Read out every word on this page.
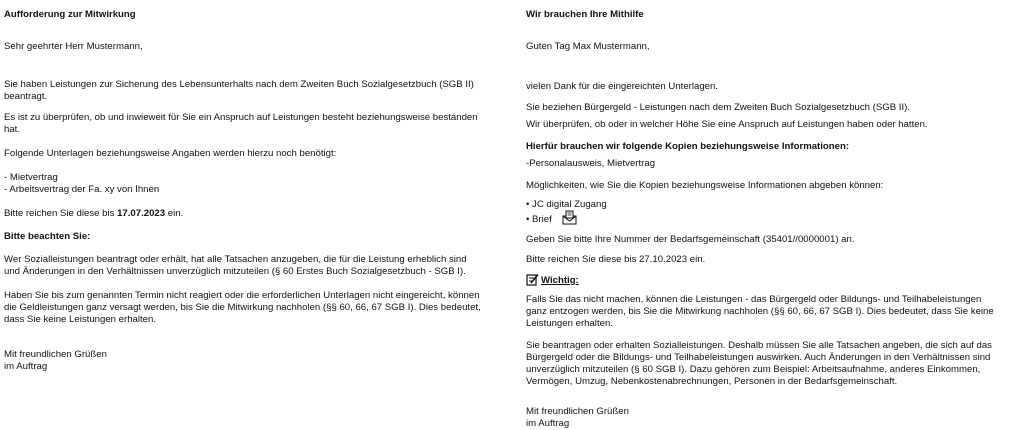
Aufforderung zur Mitwirkung

Sehr geehrter Herr Mustermann,

Sie haben Leistungen zur Sicherung des Lebensunterhalts nach dem Zweiten Buch Sozialgesetzbuch (SGB II)

beantragt.

Es ist zu überprüfen, ob und inwieweit für Sie ein Anspruch auf Leistungen besteht beziehungsweise bestanden

hat.

Folgende Unterlagen beziehungsweise Angaben werden hierzu noch benötigt:

- Mietvertrag

- Arbeitsvertrag der Fa. xy von Ihnen

Bitte reichen Sie diese bis 17.07.2023 ein.

Bitte beachten Sie:

Wer Sozialleistungen beantragt oder erhält, hat alle Tatsachen anzugeben, die für die Leistung erheblich sind

und Änderungen in den Verhältnissen unverzüglich mitzuteilen (§ 60 Erstes Buch Sozialgesetzbuch - SGB I).

Haben Sie bis zum genannten Termin nicht reagiert oder die erforderlichen Unterlagen nicht eingereicht, können

die Geldleistungen ganz versagt werden, bis Sie die Mitwirkung nachholen (§§ 60, 66, 67 SGB I). Dies bedeutet,

dass Sie keine Leistungen erhalten.

Mit freundlichen Grüßen

im Auftrag

Wir brauchen Ihre Mithilfe

Guten Tag Max Mustermann,

vielen Dank für die eingereichten Unterlagen.

Sie beziehen Bürgergeld - Leistungen nach dem Zweiten Buch Sozialgesetzbuch (SGB II).

Wir überprüfen, ob oder in welcher Höhe Sie eine Anspruch auf Leistungen haben oder hatten.

Hierfür brauchen wir folgende Kopien beziehungsweise Informationen:

-Personalausweis, Mietvertrag

Möglichkeiten, wie Sie die Kopien beziehungsweise Informationen abgeben können:

• JC digital Zugang

• Brief

Geben Sie bitte Ihre Nummer der Bedarfsgemeinschaft (35401//0000001) an.

Bitte reichen Sie diese bis 27.10.2023 ein.

Wichtig:

Falls Sie das nicht machen, können die Leistungen - das Bürgergeld oder Bildungs- und Teilhabeleistungen

ganz entzogen werden, bis Sie die Mitwirkung nachholen (§§ 60, 66, 67 SGB I). Dies bedeutet, dass Sie keine

Leistungen erhalten.

Sie beantragen oder erhalten Sozialleistungen. Deshalb müssen Sie alle Tatsachen angeben, die sich auf das

Bürgergeld oder die Bildungs- und Teilhabeleistungen auswirken. Auch Änderungen in den Verhältnissen sind

unverzüglich mitzuteilen (§ 60 SGB I). Dazu gehören zum Beispiel: Arbeitsaufnahme, anderes Einkommen,

Vermögen, Umzug, Nebenkostenabrechnungen, Personen in der Bedarfsgemeinschaft.

Mit freundlichen Grüßen

im Auftrag
